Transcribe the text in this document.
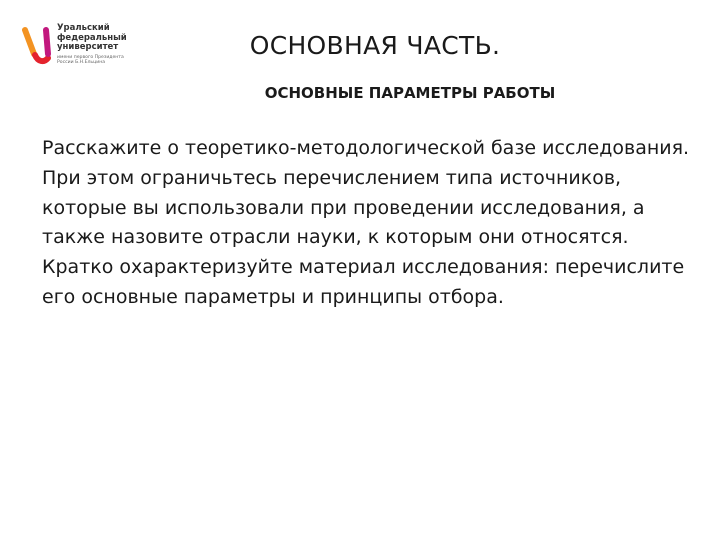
Уральский
федеральный
университет
имени первого Президента
России Б.Н.Ельцина
ОСНОВНАЯ ЧАСТЬ.
ОСНОВНЫЕ ПАРАМЕТРЫ РАБОТЫ

Расскажите о теоретико-методологической базе исследования. При этом ограничьтесь перечислением типа источников, которые вы использовали при проведении исследования, а также назовите отрасли науки, к которым они относятся.

Кратко охарактеризуйте материал исследования: перечислите его основные параметры и принципы отбора.
